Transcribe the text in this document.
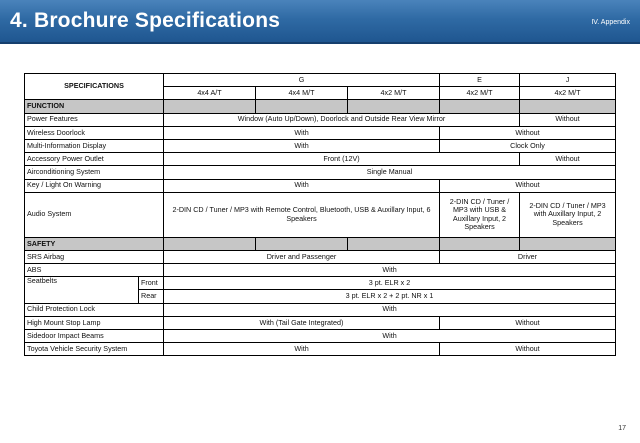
4. Brochure Specifications	IV. Appendix
SPECIFICATIONS		G			E	J
		4x4 A/T	4x4 M/T	4x2 M/T	4x2 M/T	4x2 M/T
FUNCTION						
Power Features		Window (Auto Up/Down), Doorlock and Outside Rear View Mirror				Without
Wireless Doorlock		With			Without	
Multi-Information Display		With			Clock Only	
Accessory Power Outlet		Front (12V)				Without
Airconditioning System		Single Manual				
Key / Light On Warning		With			Without	
Audio System		2-DIN CD / Tuner / MP3 with Remote Control, Bluetooth, USB & Auxillary Input, 6 Speakers			2-DIN CD / Tuner / MP3 with USB & Auxillary Input, 2 Speakers	2-DIN CD / Tuner / MP3 with Auxillary Input, 2 Speakers
SAFETY						
SRS Airbag		Driver and Passenger			Driver	
ABS		With				
Seatbelts	Front	3 pt. ELR x 2				
	Rear	3 pt. ELR x 2 + 2 pt. NR x 1				
Child Protection Lock		With				
High Mount Stop Lamp		With (Tail Gate Integrated)			Without	
Sidedoor Impact Beams		With				
Toyota Vehicle Security System		With			Without	
17
